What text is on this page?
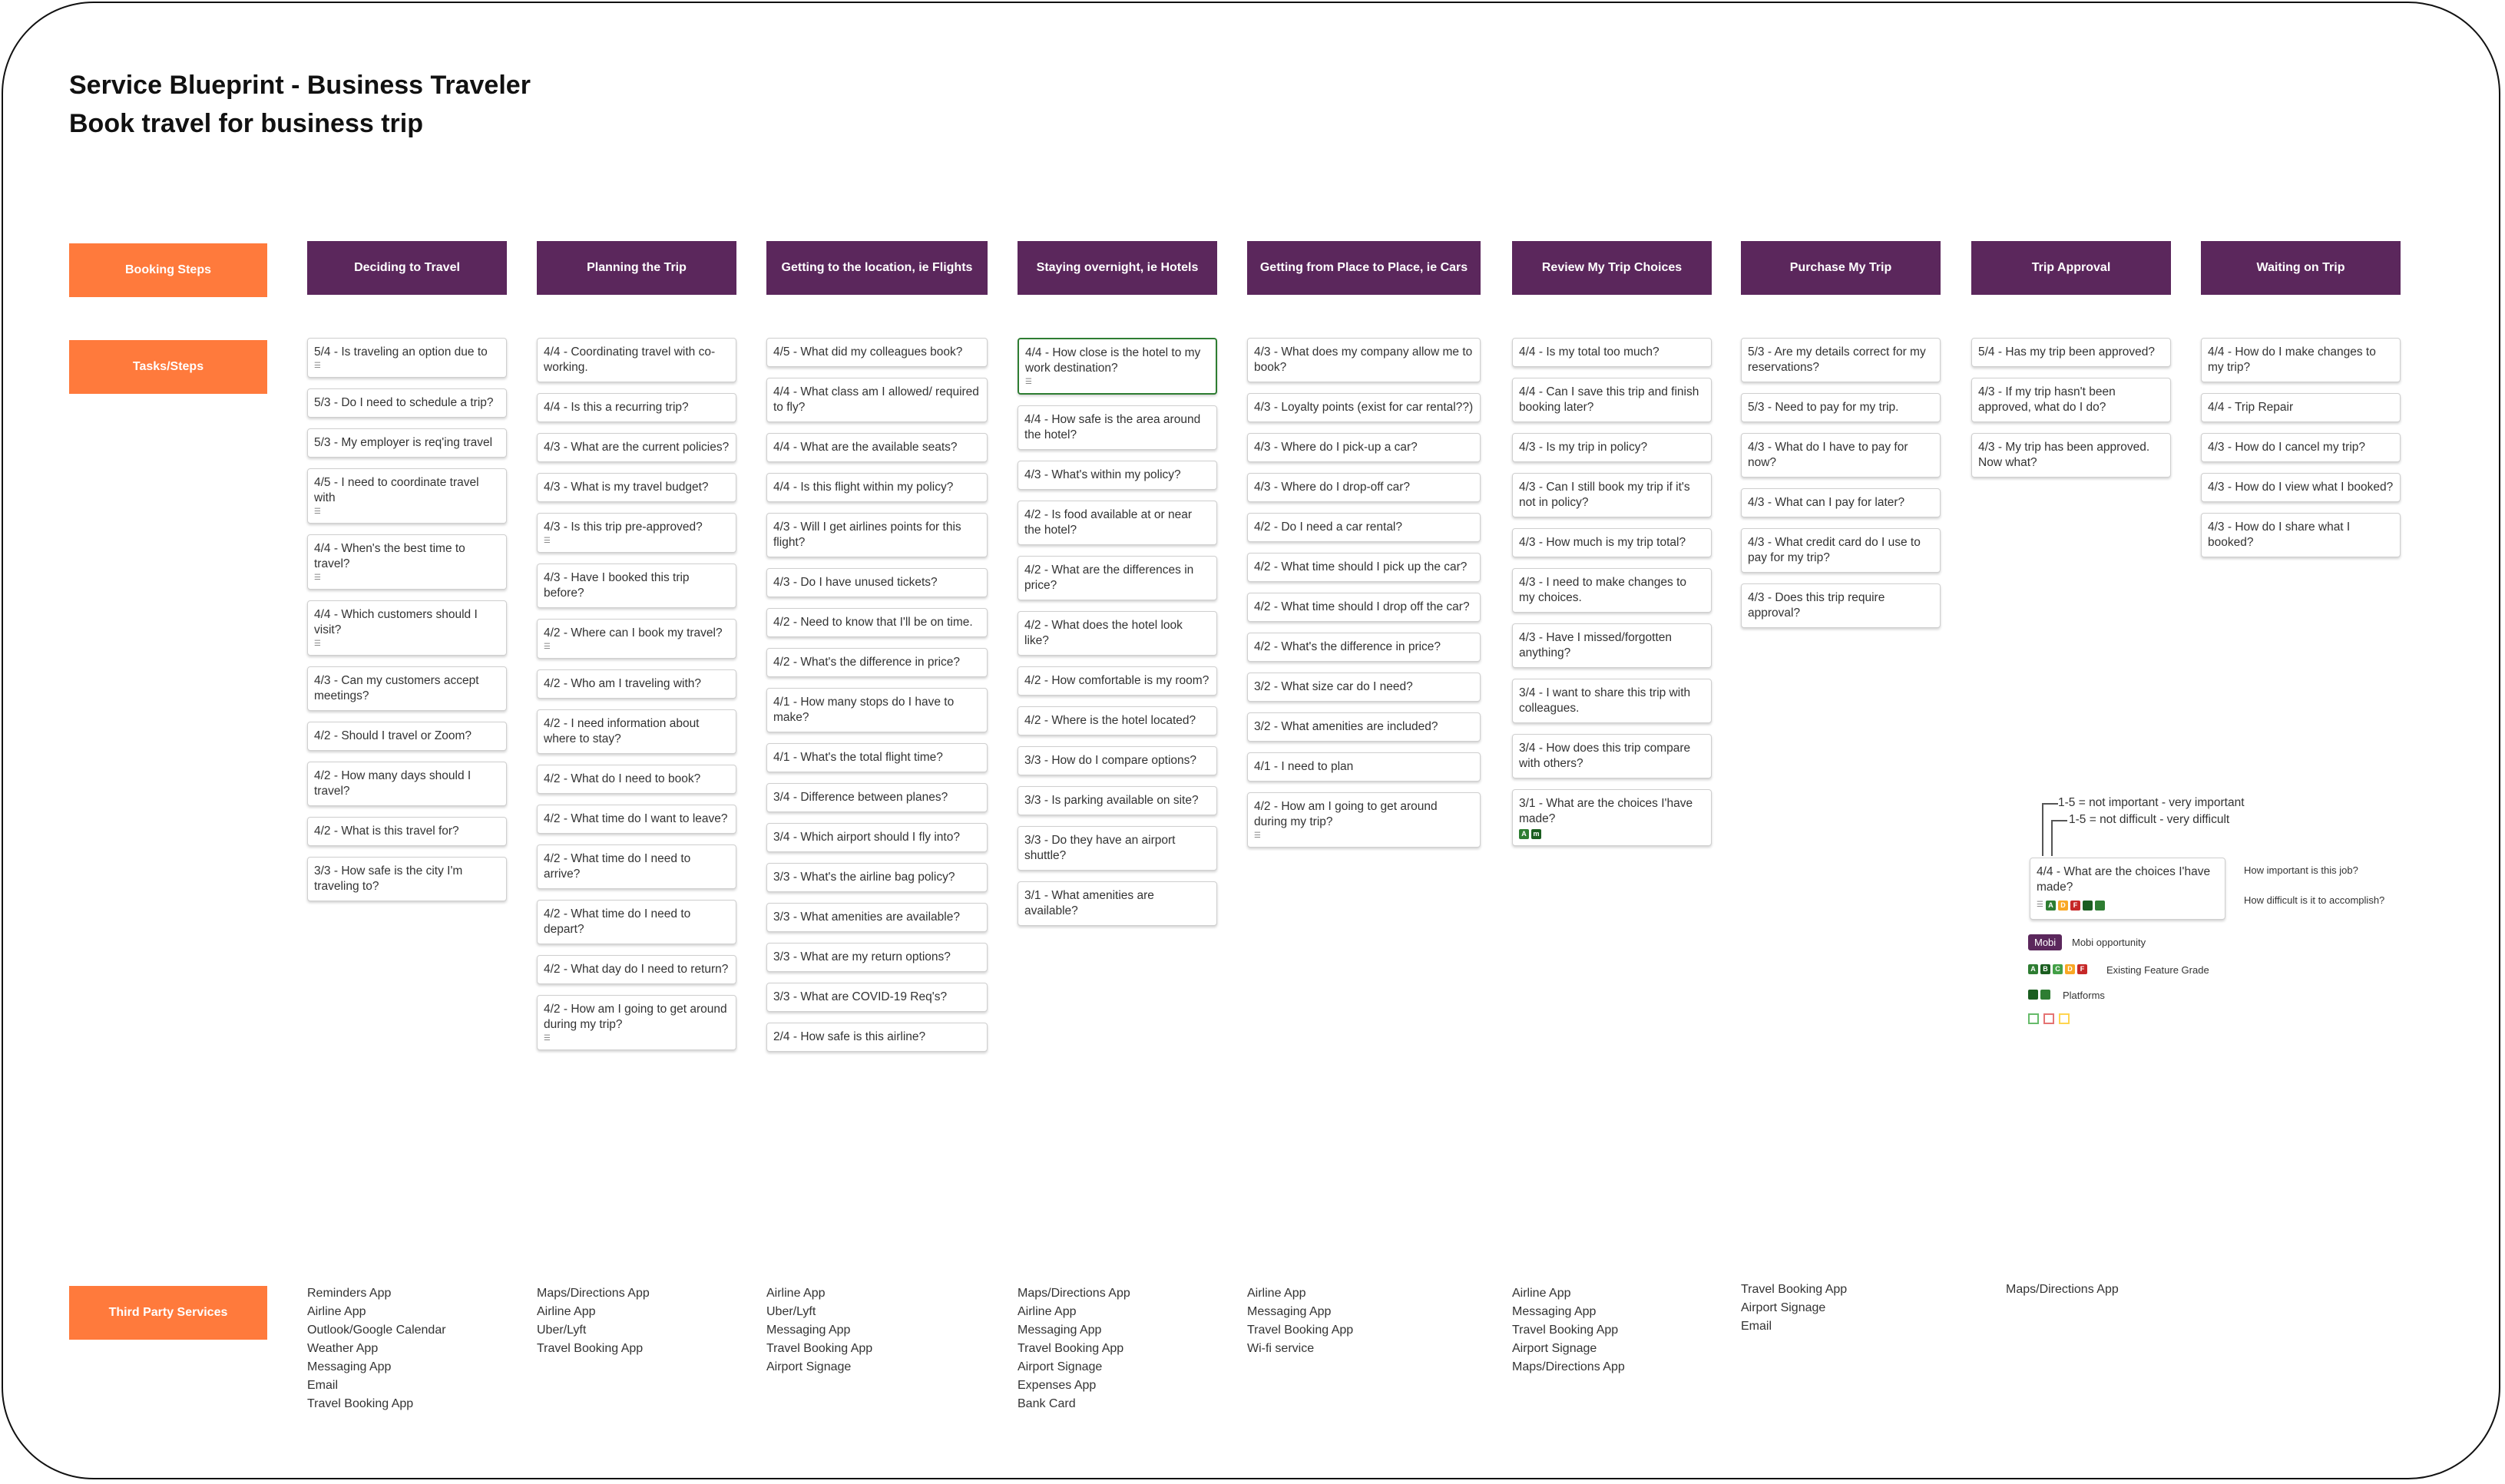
Service Blueprint - Business Traveler
Book travel for business trip
Booking Steps
Tasks/Steps
Third Party Services
Deciding to Travel
5/4 - Is traveling an option due to
☰
5/3 - Do I need to schedule a trip?
5/3 - My employer is req'ing travel
4/5 - I need to coordinate travel with
☰
4/4 - When's the best time to travel?
☰
4/4 - Which customers should I visit?
☰
4/3 - Can my customers accept meetings?
4/2 - Should I travel or Zoom?
4/2 - How many days should I travel?
4/2 - What is this travel for?
3/3 - How safe is the city I'm traveling to?
Reminders App
Airline App
Outlook/Google Calendar
Weather App
Messaging App
Email
Travel Booking App
Planning the Trip
4/4 - Coordinating travel with co-working.
4/4 - Is this a recurring trip?
4/3 - What are the current policies?
4/3 - What is my travel budget?
4/3 - Is this trip pre-approved?
☰
4/3 - Have I booked this trip before?
4/2 - Where can I book my travel?
☰
4/2 - Who am I traveling with?
4/2 - I need information about where to stay?
4/2 - What do I need to book?
4/2 - What time do I want to leave?
4/2 - What time do I need to arrive?
4/2 - What time do I need to depart?
4/2 - What day do I need to return?
4/2 - How am I going to get around during my trip?
☰
Maps/Directions App
Airline App
Uber/Lyft
Travel Booking App
Getting to the location, ie Flights
4/5 - What did my colleagues book?
4/4 - What class am I allowed/ required to fly?
4/4 - What are the available seats?
4/4 - Is this flight within my policy?
4/3 - Will I get airlines points for this flight?
4/3 - Do I have unused tickets?
4/2 - Need to know that I'll be on time.
4/2 - What's the difference in price?
4/1 - How many stops do I have to make?
4/1 - What's the total flight time?
3/4 - Difference between planes?
3/4 - Which airport should I fly into?
3/3 - What's the airline bag policy?
3/3 - What amenities are available?
3/3 - What are my return options?
3/3 - What are COVID-19 Req's?
2/4 - How safe is this airline?
Airline App
Uber/Lyft
Messaging App
Travel Booking App
Airport Signage
Staying overnight, ie Hotels
4/4 - How close is the hotel to my work destination?
☰
4/4 - How safe is the area around the hotel?
4/3 - What's within my policy?
4/2 - Is food available at or near the hotel?
4/2 - What are the differences in price?
4/2 - What does the hotel look like?
4/2 - How comfortable is my room?
4/2 - Where is the hotel located?
3/3 - How do I compare options?
3/3 - Is parking available on site?
3/3 - Do they have an airport shuttle?
3/1 - What amenities are available?
Maps/Directions App
Airline App
Messaging App
Travel Booking App
Airport Signage
Expenses App
Bank Card
Getting from Place to Place, ie Cars
4/3 - What does my company allow me to book?
4/3 - Loyalty points (exist for car rental??)
4/3 - Where do I pick-up a car?
4/3 - Where do I drop-off car?
4/2 - Do I need a car rental?
4/2 - What time should I pick up the car?
4/2 - What time should I drop off the car?
4/2 - What's the difference in price?
3/2 - What size car do I need?
3/2 - What amenities are included?
4/1 - I need to plan
4/2 - How am I going to get around during my trip?
☰
Airline App
Messaging App
Travel Booking App
Wi-fi service
Review My Trip Choices
4/4 - Is my total too much?
4/4 - Can I save this trip and finish booking later?
4/3 - Is my trip in policy?
4/3 - Can I still book my trip if it's not in policy?
4/3 - How much is my trip total?
4/3 - I need to make changes to my choices.
4/3 - Have I missed/forgotten anything?
3/4 - I want to share this trip with colleagues.
3/4 - How does this trip compare with others?
3/1 - What are the choices I'have made?
A m
Airline App
Messaging App
Travel Booking App
Airport Signage
Maps/Directions App
Purchase My Trip
5/3 - Are my details correct for my reservations?
5/3 - Need to pay for my trip.
4/3 - What do I have to pay for now?
4/3 - What can I pay for later?
4/3 - What credit card do I use to pay for my trip?
4/3 - Does this trip require approval?
Travel Booking App
Airport Signage
Email
Trip Approval
5/4 - Has my trip been approved?
4/3 - If my trip hasn't been approved, what do I do?
4/3 - My trip has been approved. Now what?
Maps/Directions App
Waiting on Trip
4/4 - How do I make changes to my trip?
4/4 - Trip Repair
4/3 - How do I cancel my trip?
4/3 - How do I view what I booked?
4/3 - How do I share what I booked?
1-5 = not important - very important
1-5 = not difficult - very difficult
4/4 - What are the choices I'have made?
☰ A	D	F
How important is this job?
How difficult is it to accomplish?
Mobi	Mobi opportunity
A	B	C	D	F Existing Feature Grade
Platforms
